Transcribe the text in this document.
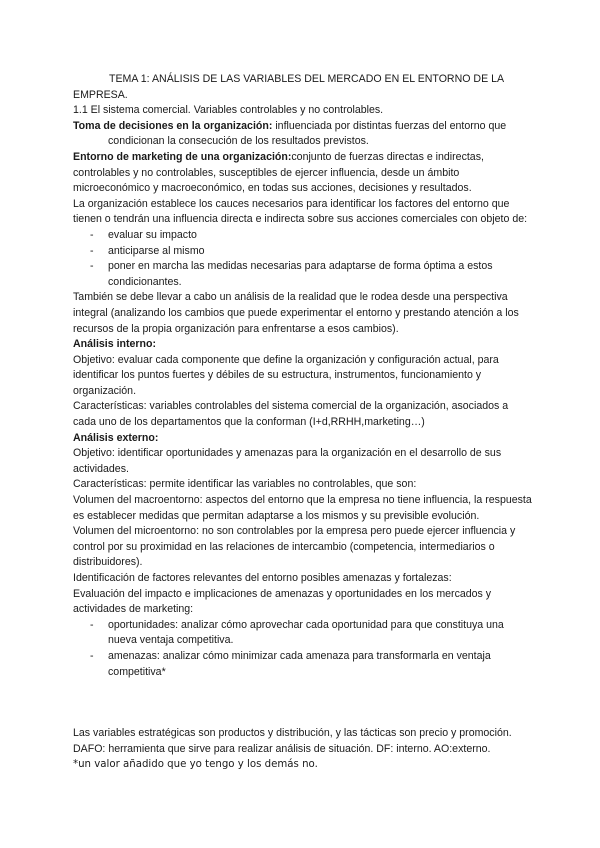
TEMA 1: ANÁLISIS DE LAS VARIABLES DEL MERCADO EN EL ENTORNO DE LA EMPRESA.

1.1 El sistema comercial. Variables controlables y no controlables.

Toma de decisiones en la organización: influenciada por distintas fuerzas del entorno que condicionan la consecución de los resultados previstos.

Entorno de marketing de una organización:conjunto de fuerzas directas e indirectas, controlables y no controlables, susceptibles de ejercer influencia, desde un ámbito microeconómico y macroeconómico, en todas sus acciones, decisiones y resultados.

La organización establece los cauces necesarios para identificar los factores del entorno que tienen o tendrán una influencia directa e indirecta sobre sus acciones comerciales con objeto de:

- evaluar su impacto
- anticiparse al mismo
- poner en marcha las medidas necesarias para adaptarse de forma óptima a estos condicionantes.

También se debe llevar a cabo un análisis de la realidad que le rodea desde una perspectiva integral (analizando los cambios que puede experimentar el entorno y prestando atención a los recursos de la propia organización para enfrentarse a esos cambios).

Análisis interno:

Objetivo: evaluar cada componente que define la organización y configuración actual, para identificar los puntos fuertes y débiles de su estructura, instrumentos, funcionamiento y organización.

Características: variables controlables del sistema comercial de la organización, asociados a cada uno de los departamentos que la conforman (I+d,RRHH,marketing…)

Análisis externo:

Objetivo: identificar oportunidades y amenazas para la organización en el desarrollo de sus actividades.

Características: permite identificar las variables no controlables, que son:

Volumen del macroentorno: aspectos del entorno que la empresa no tiene influencia, la respuesta es establecer medidas que permitan adaptarse a los mismos y su previsible evolución.

Volumen del microentorno: no son controlables por la empresa pero puede ejercer influencia y control por su proximidad en las relaciones de intercambio (competencia, intermediarios o distribuidores).

Identificación de factores relevantes del entorno posibles amenazas y fortalezas:

Evaluación del impacto e implicaciones de amenazas y oportunidades en los mercados y actividades de marketing:

- oportunidades: analizar cómo aprovechar cada oportunidad para que constituya una nueva ventaja competitiva.
- amenazas: analizar cómo minimizar cada amenaza para transformarla en ventaja competitiva*

Las variables estratégicas son productos y distribución, y las tácticas son precio y promoción.

DAFO: herramienta que sirve para realizar análisis de situación. DF: interno. AO:externo.

*un valor añadido que yo tengo y los demás no.
